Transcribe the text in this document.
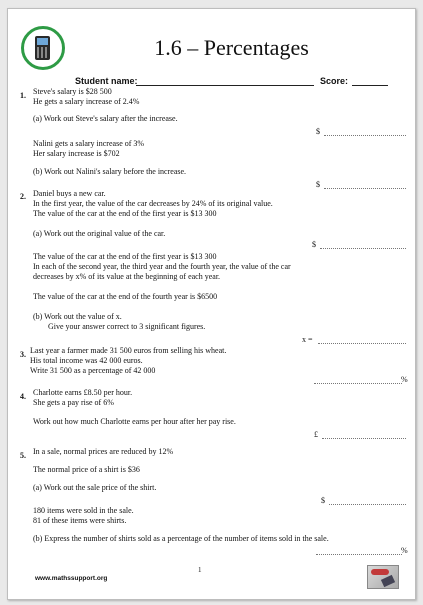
1.6 – Percentages
Student name:	Score:
1. Steve's salary is $28 500
He gets a salary increase of 2.4%
(a) Work out Steve's salary after the increase.
$
Nalini gets a salary increase of 3%
Her salary increase is $702
(b) Work out Nalini's salary before the increase.
$
2. Daniel buys a new car.
In the first year, the value of the car decreases by 24% of its original value.
The value of the car at the end of the first year is $13 300
(a) Work out the original value of the car.
$
The value of the car at the end of the first year is $13 300
In each of the second year, the third year and the fourth year, the value of the car
decreases by x% of its value at the beginning of each year.
The value of the car at the end of the fourth year is $6500
(b) Work out the value of x.
Give your answer correct to 3 significant figures.
x =
3. Last year a farmer made 31 500 euros from selling his wheat.
His total income was 42 000 euros.
Write 31 500 as a percentage of 42 000
%
4. Charlotte earns £8.50 per hour.
She gets a pay rise of 6%
Work out how much Charlotte earns per hour after her pay rise.
£
5. In a sale, normal prices are reduced by 12%
The normal price of a shirt is $36
(a) Work out the sale price of the shirt.
$
180 items were sold in the sale.
81 of these items were shirts.
(b) Express the number of shirts sold as a percentage of the number of items sold in the sale.
%
www.mathssupport.org
1
